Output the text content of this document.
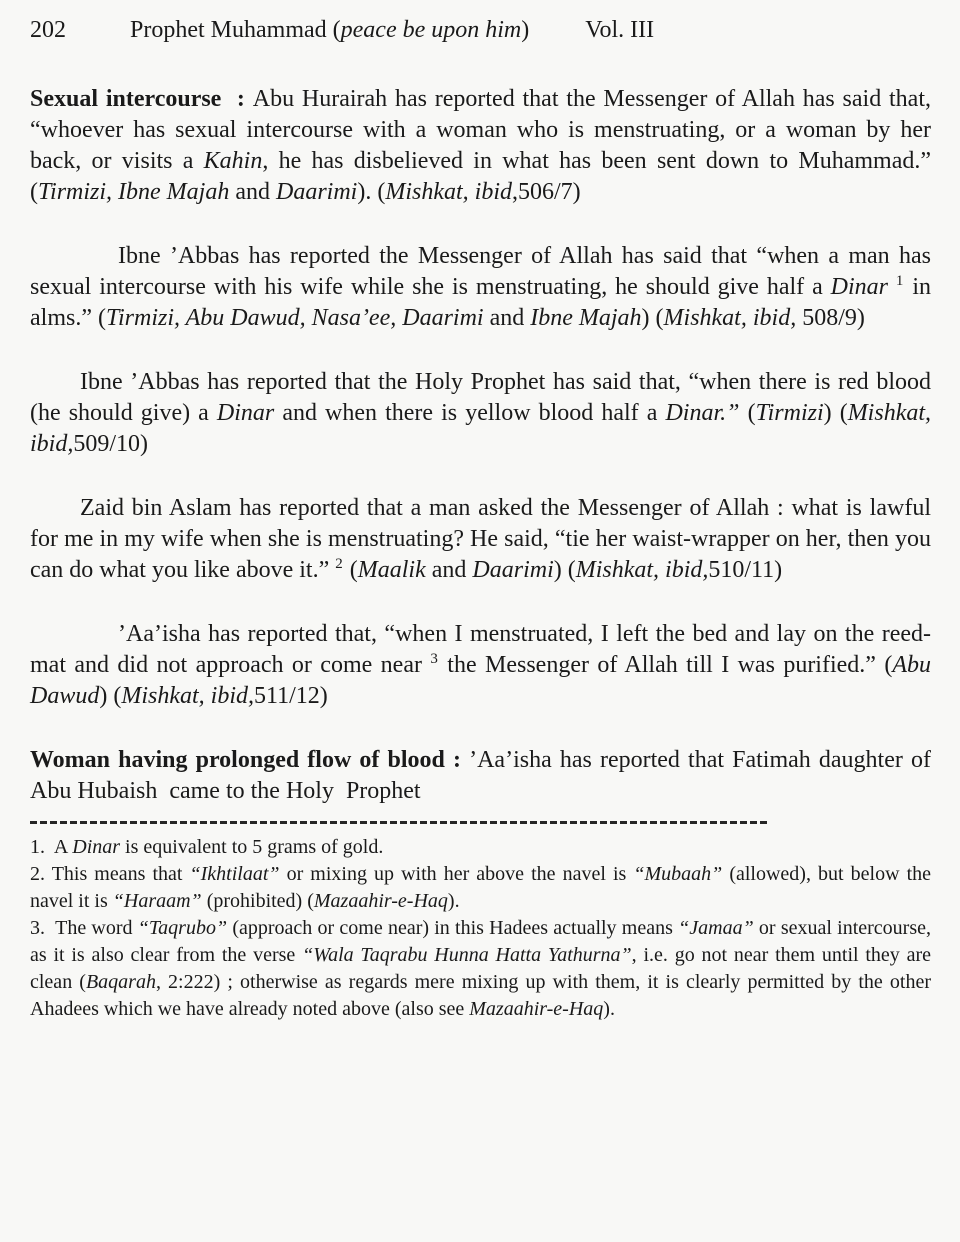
202	Prophet Muhammad (peace be upon him) Vol. III

Sexual intercourse  : Abu Hurairah has reported that the Messenger of Allah has said that, “whoever has sexual intercourse with a woman who is menstruating, or a woman by her back, or visits a Kahin, he has disbelieved in what has been sent down to Muhammad.” (Tirmizi, Ibne Majah and Daarimi). (Mishkat, ibid,506/7)

Ibne ’Abbas has reported the Messenger of Allah has said that “when a man has sexual intercourse with his wife while she is menstruating, he should give half a Dinar $^1$ in alms.” (Tirmizi, Abu Dawud, Nasa’ee, Daarimi and Ibne Majah) (Mishkat, ibid, 508/9)

Ibne ’Abbas has reported that the Holy Prophet has said that, “when there is red blood (he should give) a Dinar and when there is yellow blood half a Dinar.” (Tirmizi) (Mishkat, ibid,509/10)

Zaid bin Aslam has reported that a man asked the Messenger of Allah : what is lawful for me in my wife when she is menstruating? He said, “tie her waist-wrapper on her, then you can do what you like above it.” $^2$ (Maalik and Daarimi) (Mishkat, ibid,510/11)

’Aa’isha has reported that, “when I menstruated, I left the bed and lay on the reed-mat and did not approach or come near $^3$ the Messenger of Allah till I was purified.” (Abu Dawud) (Mishkat, ibid,511/12)

Woman having prolonged flow of blood : ’Aa’isha has reported that Fatimah daughter of Abu Hubaish  came to the Holy  Prophet

1.  A Dinar is equivalent to 5 grams of gold.

2. This means that “Ikhtilaat” or mixing up with her above the navel is “Mubaah” (allowed), but below the navel it is “Haraam” (prohibited) (Mazaahir-e-Haq).

3.  The word “Taqrubo” (approach or come near) in this Hadees actually means “Jamaa” or sexual intercourse, as it is also clear from the verse “Wala Taqrabu Hunna Hatta Yathurna”, i.e. go not near them until they are clean (Baqarah, 2:222) ; otherwise as regards mere mixing up with them, it is clearly permitted by the other Ahadees which we have already noted above (also see Mazaahir-e-Haq).
